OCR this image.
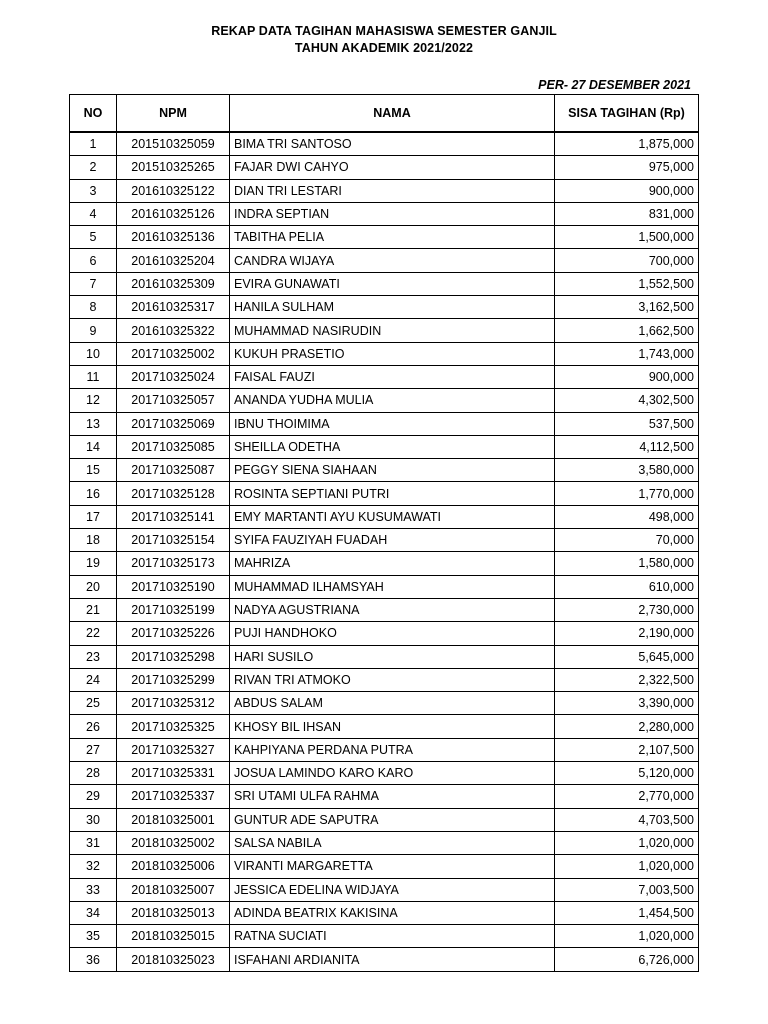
REKAP DATA TAGIHAN MAHASISWA SEMESTER GANJIL
TAHUN AKADEMIK 2021/2022
PER- 27 DESEMBER 2021
NO	NPM	NAMA	SISA TAGIHAN (Rp)
1	201510325059	BIMA TRI SANTOSO	1,875,000
2	201510325265	FAJAR DWI CAHYO	975,000
3	201610325122	DIAN TRI LESTARI	900,000
4	201610325126	INDRA SEPTIAN	831,000
5	201610325136	TABITHA PELIA	1,500,000
6	201610325204	CANDRA WIJAYA	700,000
7	201610325309	EVIRA GUNAWATI	1,552,500
8	201610325317	HANILA SULHAM	3,162,500
9	201610325322	MUHAMMAD NASIRUDIN	1,662,500
10	201710325002	KUKUH PRASETIO	1,743,000
11	201710325024	FAISAL FAUZI	900,000
12	201710325057	ANANDA YUDHA MULIA	4,302,500
13	201710325069	IBNU THOIMIMA	537,500
14	201710325085	SHEILLA ODETHA	4,112,500
15	201710325087	PEGGY SIENA SIAHAAN	3,580,000
16	201710325128	ROSINTA SEPTIANI PUTRI	1,770,000
17	201710325141	EMY MARTANTI AYU KUSUMAWATI	498,000
18	201710325154	SYIFA FAUZIYAH FUADAH	70,000
19	201710325173	MAHRIZA	1,580,000
20	201710325190	MUHAMMAD ILHAMSYAH	610,000
21	201710325199	NADYA AGUSTRIANA	2,730,000
22	201710325226	PUJI HANDHOKO	2,190,000
23	201710325298	HARI SUSILO	5,645,000
24	201710325299	RIVAN TRI ATMOKO	2,322,500
25	201710325312	ABDUS SALAM	3,390,000
26	201710325325	KHOSY BIL IHSAN	2,280,000
27	201710325327	KAHPIYANA PERDANA PUTRA	2,107,500
28	201710325331	JOSUA LAMINDO KARO KARO	5,120,000
29	201710325337	SRI UTAMI ULFA RAHMA	2,770,000
30	201810325001	GUNTUR ADE SAPUTRA	4,703,500
31	201810325002	SALSA NABILA	1,020,000
32	201810325006	VIRANTI MARGARETTA	1,020,000
33	201810325007	JESSICA EDELINA WIDJAYA	7,003,500
34	201810325013	ADINDA BEATRIX KAKISINA	1,454,500
35	201810325015	RATNA SUCIATI	1,020,000
36	201810325023	ISFAHANI ARDIANITA	6,726,000
